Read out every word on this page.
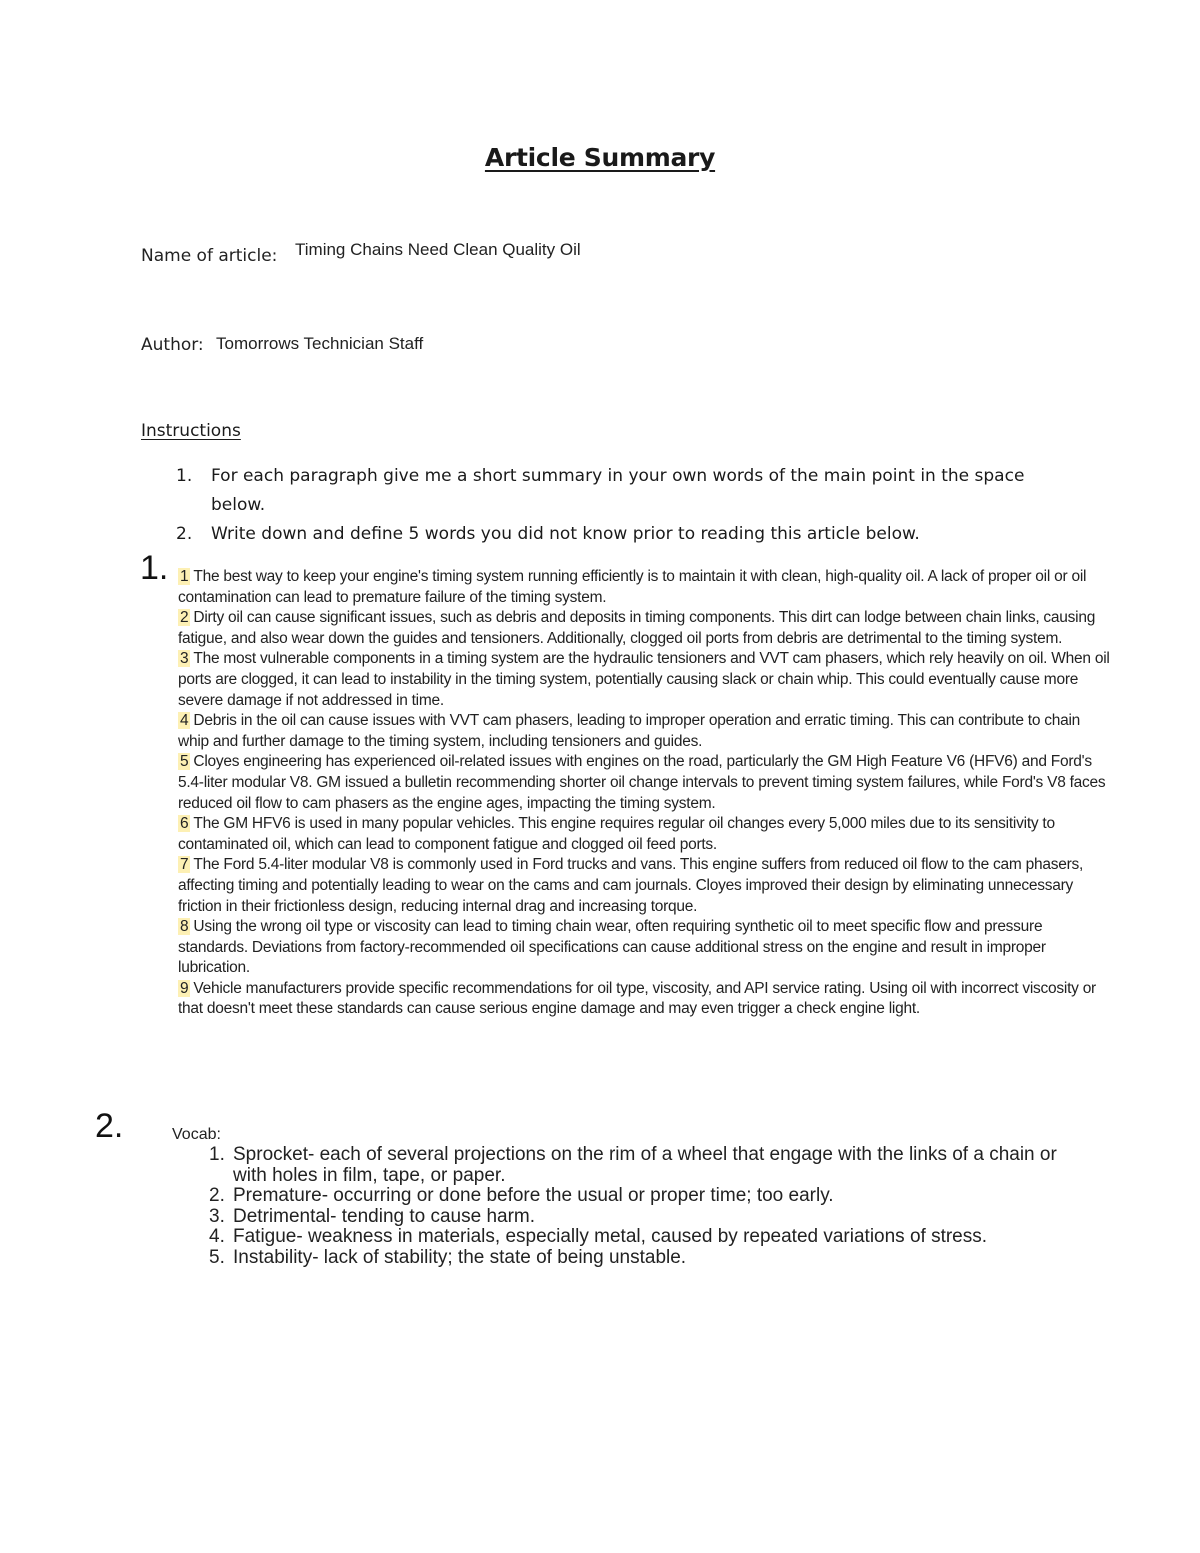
Article Summary
Name of article: Timing Chains Need Clean Quality Oil
Author: Tomorrows Technician Staff
Instructions
1.	For each paragraph give me a short summary in your own words of the main point in the space below.
2.	Write down and define 5 words you did not know prior to reading this article below.
1. 1 The best way to keep your engine's timing system running efficiently is to maintain it with clean, high-quality oil. A lack of proper oil or oil contamination can lead to premature failure of the timing system.

2 Dirty oil can cause significant issues, such as debris and deposits in timing components. This dirt can lodge between chain links, causing fatigue, and also wear down the guides and tensioners. Additionally, clogged oil ports from debris are detrimental to the timing system.

3 The most vulnerable components in a timing system are the hydraulic tensioners and VVT cam phasers, which rely heavily on oil. When oil ports are clogged, it can lead to instability in the timing system, potentially causing slack or chain whip. This could eventually cause more severe damage if not addressed in time.

4 Debris in the oil can cause issues with VVT cam phasers, leading to improper operation and erratic timing. This can contribute to chain whip and further damage to the timing system, including tensioners and guides.

5 Cloyes engineering has experienced oil-related issues with engines on the road, particularly the GM High Feature V6 (HFV6) and Ford's 5.4-liter modular V8. GM issued a bulletin recommending shorter oil change intervals to prevent timing system failures, while Ford's V8 faces reduced oil flow to cam phasers as the engine ages, impacting the timing system.

6 The GM HFV6 is used in many popular vehicles. This engine requires regular oil changes every 5,000 miles due to its sensitivity to contaminated oil, which can lead to component fatigue and clogged oil feed ports.

7 The Ford 5.4-liter modular V8 is commonly used in Ford trucks and vans. This engine suffers from reduced oil flow to the cam phasers, affecting timing and potentially leading to wear on the cams and cam journals. Cloyes improved their design by eliminating unnecessary friction in their frictionless design, reducing internal drag and increasing torque.

8 Using the wrong oil type or viscosity can lead to timing chain wear, often requiring synthetic oil to meet specific flow and pressure standards. Deviations from factory-recommended oil specifications can cause additional stress on the engine and result in improper lubrication.

9 Vehicle manufacturers provide specific recommendations for oil type, viscosity, and API service rating. Using oil with incorrect viscosity or that doesn't meet these standards can cause serious engine damage and may even trigger a check engine light.

2.	Vocab:
1. Sprocket- each of several projections on the rim of a wheel that engage with the links of a chain or with holes in film, tape, or paper.
2. Premature- occurring or done before the usual or proper time; too early.
3. Detrimental- tending to cause harm.
4. Fatigue- weakness in materials, especially metal, caused by repeated variations of stress.
5. Instability- lack of stability; the state of being unstable.
